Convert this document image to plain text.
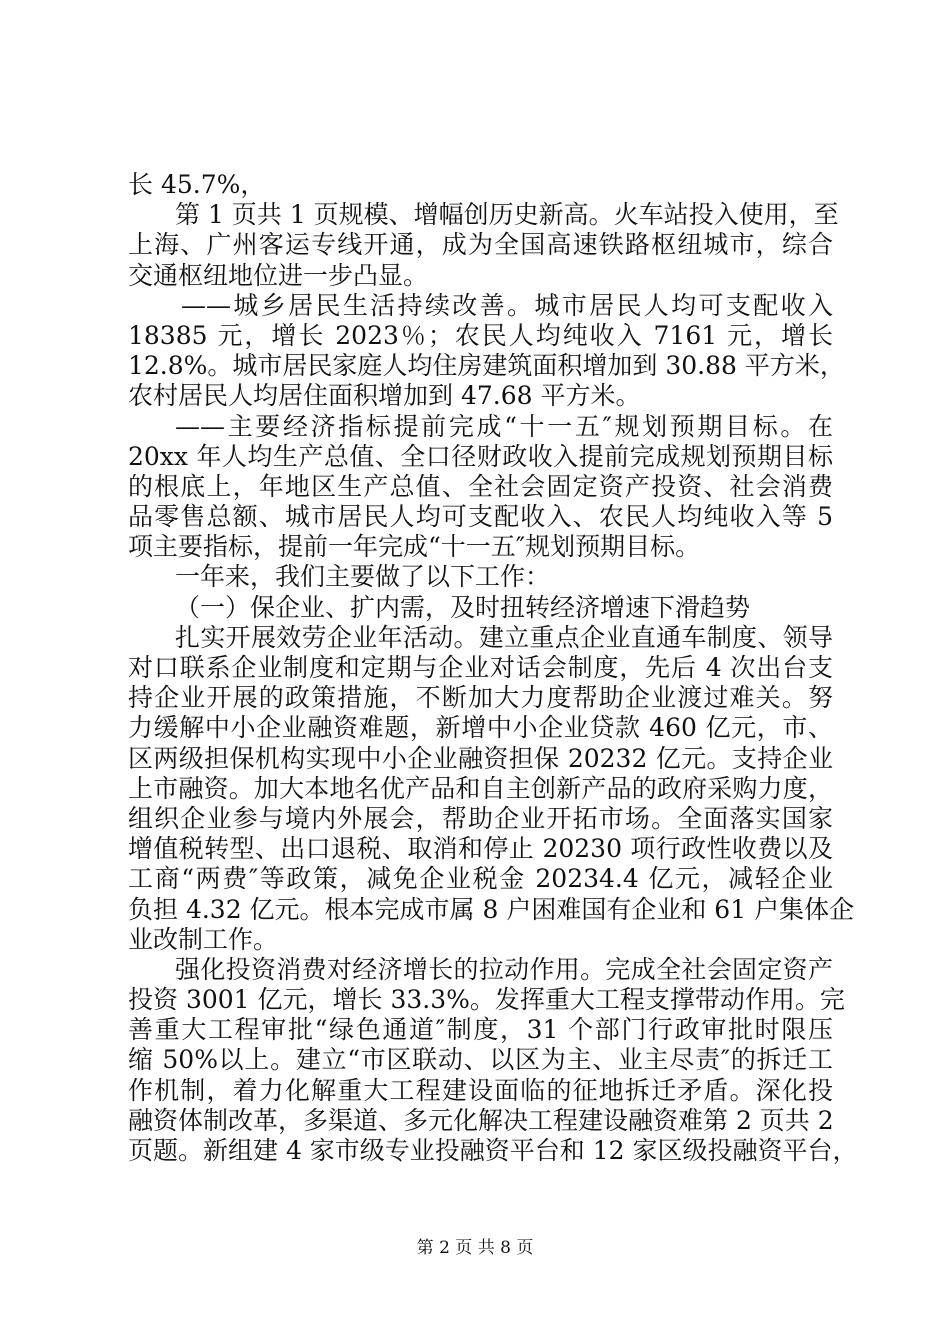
长 45.7%，
第 1 页共 1 页规模、增幅创历史新高。火车站投入使用，至
上海、广州客运专线开通，成为全国高速铁路枢纽城市，综合
交通枢纽地位进一步凸显。
——城乡居民生活持续改善。城市居民人均可支配收入
18385 元，增长 2023％；农民人均纯收入 7161 元，增长
12.8%。城市居民家庭人均住房建筑面积增加到 30.88 平方米，
农村居民人均居住面积增加到 47.68 平方米。
——主要经济指标提前完成“十一五″规划预期目标。在
20xx 年人均生产总值、全口径财政收入提前完成规划预期目标
的根底上，年地区生产总值、全社会固定资产投资、社会消费
品零售总额、城市居民人均可支配收入、农民人均纯收入等 5
项主要指标，提前一年完成“十一五″规划预期目标。
一年来，我们主要做了以下工作：
（一）保企业、扩内需，及时扭转经济增速下滑趋势
扎实开展效劳企业年活动。建立重点企业直通车制度、领导
对口联系企业制度和定期与企业对话会制度，先后 4 次出台支
持企业开展的政策措施，不断加大力度帮助企业渡过难关。努
力缓解中小企业融资难题，新增中小企业贷款 460 亿元，市、
区两级担保机构实现中小企业融资担保 20232 亿元。支持企业
上市融资。加大本地名优产品和自主创新产品的政府采购力度，
组织企业参与境内外展会，帮助企业开拓市场。全面落实国家
增值税转型、出口退税、取消和停止 20230 项行政性收费以及
工商“两费″等政策，减免企业税金 20234.4 亿元，减轻企业
负担 4.32 亿元。根本完成市属 8 户困难国有企业和 61 户集体企
业改制工作。
强化投资消费对经济增长的拉动作用。完成全社会固定资产
投资 3001 亿元，增长 33.3%。发挥重大工程支撑带动作用。完
善重大工程审批“绿色通道″制度，31 个部门行政审批时限压
缩 50%以上。建立“市区联动、以区为主、业主尽责″的拆迁工
作机制，着力化解重大工程建设面临的征地拆迁矛盾。深化投
融资体制改革，多渠道、多元化解决工程建设融资难第 2 页共 2
页题。新组建 4 家市级专业投融资平台和 12 家区级投融资平台，
第 2 页 共 8 页
